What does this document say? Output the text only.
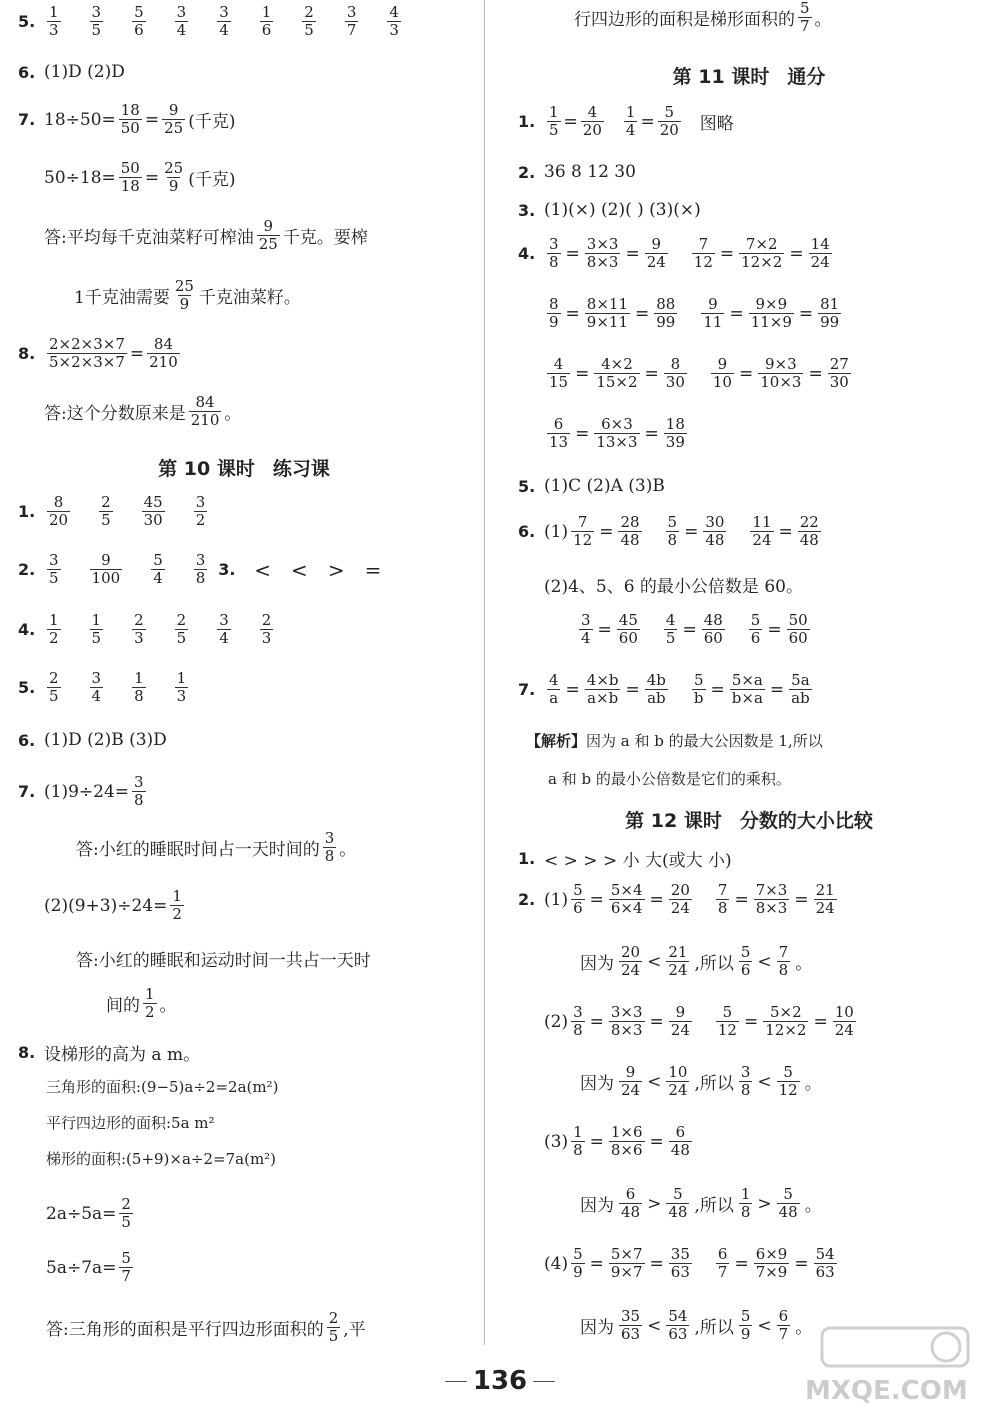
5. 1
3
3
5
5
6
3
4
3
4
1
6
2
5
3
7
4
3
6. (1)D (2)D
7. $18\div 50= \frac{18}{50} = \frac{9}{25}$ (千克)
$50\div 18= \frac{50}{18} = \frac{25}{9}$ (千克)
答:平均每千克油菜籽可榨油
9
25 千克。要榨
1千克油需要
25
9 千克油菜籽。
8. $\frac{2\times 2\times 3\times 7}{5\times 2\times 3\times 7} = \frac{84}{210}$
答:这个分数原来是
84
210 。
第 10 课时 练习课
1.	8
20
2
5
45
30
3
2
2. 3
5
9
100
5
4
3
8 3. < < > =
4. 1
2
1
5
2
3
2
5
3
4
2
3
5. 2
5
3
4
1
8
1
3
6. (1)D (2)B (3)D
7. $(1)9\div 24= \frac{3}{8}$
答:小红的睡眠时间占一天时间的
3
8 。
$(2)(9+3)\div 24= \frac{1}{2}$
答:小红的睡眠和运动时间一共占一天时
间的
1
2 。
8. 设梯形的高为 a m。
三角形的面积:(9−5)a÷2=2a(m²)
平行四边形的面积:5a m²
梯形的面积:(5+9)×a÷2=7a(m²)
$2a\div 5a= \frac{2}{5}$
$5a\div 7a= \frac{5}{7}$
答:三角形的面积是平行四边形面积的
2
5 ,平
行四边形的面积是梯形面积的
5
7 。
第 11 课时 通分
1. $\frac{1}{5} = \frac{4}{20} \frac{1}{4} = \frac{5}{20}$ 图略
2. 36 8 12 30
3. (1)(×) (2)( ) (3)(×)
4. $\frac{3}{8} = \frac{3\times 3}{8\times 3} = \frac{9}{24} \frac{7}{12} = \frac{7\times 2}{12\times 2} = \frac{14}{24}$
$\frac{8}{9} = \frac{8\times 11}{9\times 11} = \frac{88}{99} \frac{9}{11} = \frac{9\times 9}{11\times 9} = \frac{81}{99}$
$\frac{4}{15} = \frac{4\times 2}{15\times 2} = \frac{8}{30} \frac{9}{10} = \frac{9\times 3}{10\times 3} = \frac{27}{30}$
$\frac{6}{13} = \frac{6\times 3}{13\times 3} = \frac{18}{39}$
5. (1)C (2)A (3)B
6. $(1) \frac{7}{12} = \frac{28}{48} \frac{5}{8} = \frac{30}{48} \frac{11}{24} = \frac{22}{48}$
(2)4、5、6 的最小公倍数是 60。
$\frac{3}{4} = \frac{45}{60} \frac{4}{5} = \frac{48}{60} \frac{5}{6} = \frac{50}{60}$
7. $\frac{4}{a} = \frac{4\times b}{a\times b} = \frac{4b}{ab} \frac{5}{b} = \frac{5\times a}{b\times a} = \frac{5a}{ab}$
【解析】 因为 a 和 b 的最大公因数是 1,所以
a 和 b 的最小公倍数是它们的乘积。
第 12 课时 分数的大小比较
1. < > > > 小 大(或大 小)
2. $(1) \frac{5}{6} = \frac{5\times 4}{6\times 4} = \frac{20}{24} \frac{7}{8} = \frac{7\times 3}{8\times 3} = \frac{21}{24}$
因为
20
24 < 21
24 ,所以
5
6 < 7
8 。
$(2) \frac{3}{8} = \frac{3\times 3}{8\times 3} = \frac{9}{24} \frac{5}{12} = \frac{5\times 2}{12\times 2} = \frac{10}{24}$
因为
9
24 < 10
24 ,所以
3
8 < 5
12 。
$(3) \frac{1}{8} = \frac{1\times 6}{8\times 6} = \frac{6}{48}$
因为
6
48 > 5
48 ,所以
1
8 > 5
48 。
$(4) \frac{5}{9} = \frac{5\times 7}{9\times 7} = \frac{35}{63} \frac{6}{7} = \frac{6\times 9}{7\times 9} = \frac{54}{63}$
因为
35
63 < 54
63 ,所以
5
9 < 6
7 。
136	MXQE.COM
